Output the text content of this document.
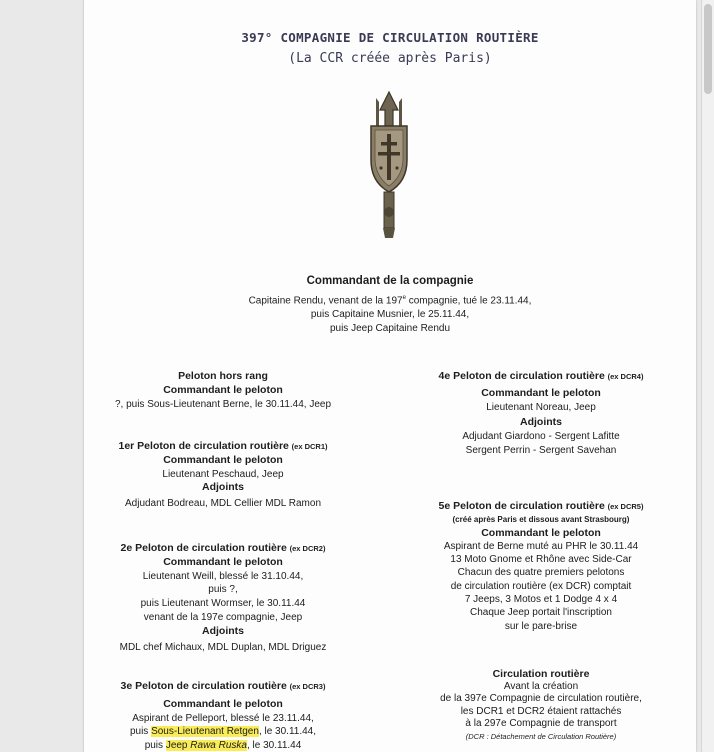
397° COMPAGNIE DE CIRCULATION ROUTIÈRE
(La CCR créée après Paris)
Commandant de la compagnie
Capitaine Rendu, venant de la 197e compagnie, tué le 23.11.44,
puis Capitaine Musnier, le 25.11.44,
puis Jeep Capitaine Rendu
Peloton hors rang
Commandant le peloton
?, puis Sous-Lieutenant Berne, le 30.11.44, Jeep
1er Peloton de circulation routière (ex DCR1)
Commandant le peloton
Lieutenant Peschaud, Jeep
Adjoints
Adjudant Bodreau, MDL Cellier MDL Ramon
2e Peloton de circulation routière (ex DCR2)
Commandant le peloton
Lieutenant Weill, blessé le 31.10.44,
puis ?,
puis Lieutenant Wormser, le 30.11.44
venant de la 197e compagnie, Jeep
Adjoints
MDL chef Michaux, MDL Duplan, MDL Driguez
3e Peloton de circulation routière (ex DCR3)
Commandant le peloton
Aspirant de Pelleport, blessé le 23.11.44,
puis Sous-Lieutenant Retgen, le 30.11.44,
puis Jeep Rawa Ruska, le 30.11.44
4e Peloton de circulation routière (ex DCR4)
Commandant le peloton
Lieutenant Noreau, Jeep
Adjoints
Adjudant Giardono - Sergent Lafitte
Sergent Perrin - Sergent Savehan
5e Peloton de circulation routière (ex DCR5)
(créé après Paris et dissous avant Strasbourg)
Commandant le peloton
Aspirant de Berne muté au PHR le 30.11.44
13 Moto Gnome et Rhône avec Side-Car
Chacun des quatre premiers pelotons
de circulation routière (ex DCR) comptait
7 Jeeps, 3 Motos et 1 Dodge 4 x 4
Chaque Jeep portait l'inscription
sur le pare-brise
Circulation routière
Avant la création
de la 397e Compagnie de circulation routière,
les DCR1 et DCR2 étaient rattachés
à la 297e Compagnie de transport
(DCR : Détachement de Circulation Routière)
